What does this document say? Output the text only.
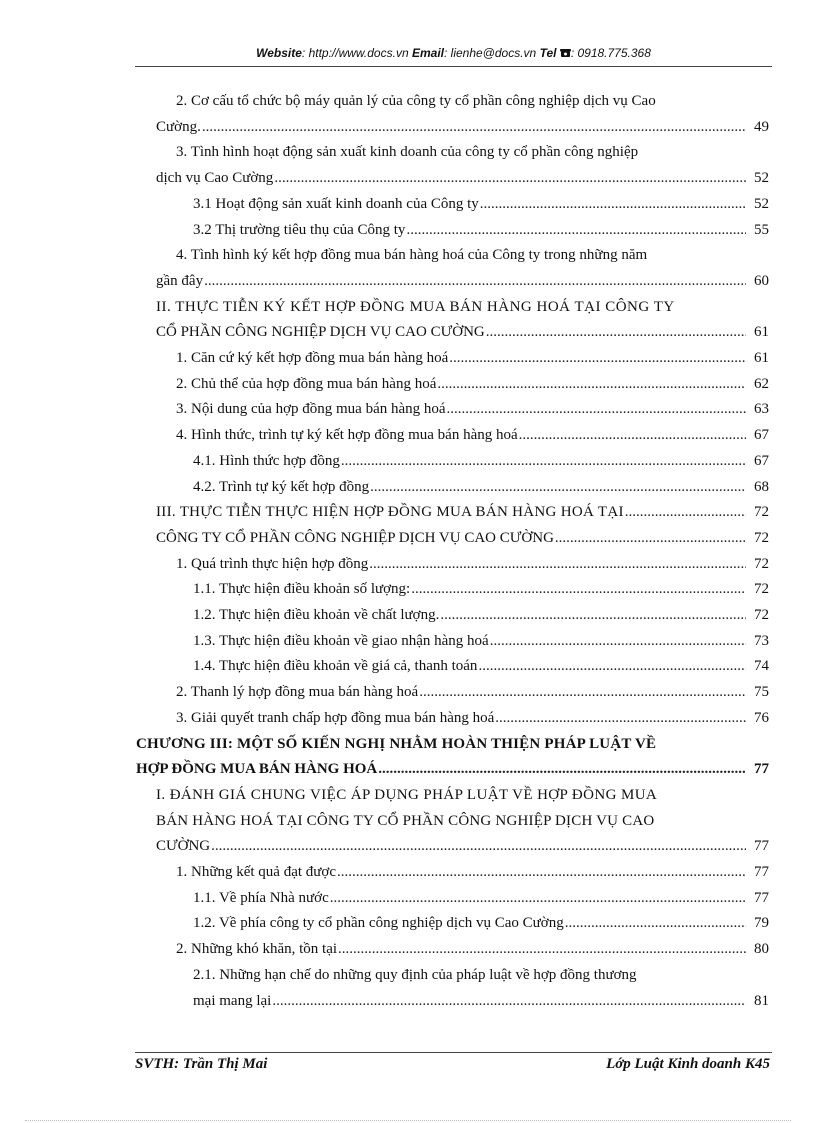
Website: http://www.docs.vn Email: lienhe@docs.vn Tel : 0918.775.368
2. Cơ cấu tổ chức bộ máy quản lý của công ty cổ phần công nghiệp dịch vụ Cao
Cường. .....	49
3. Tình hình hoạt động sản xuất kinh doanh của công ty cổ phần công nghiệp
dịch vụ Cao Cường .....	52
3.1 Hoạt động sản xuất kinh doanh của Công ty .....	52
3.2 Thị trường tiêu thụ của Công ty .....	55
4. Tình hình ký kết hợp đồng mua bán hàng hoá của Công ty trong những năm
gần đây .....	60
II. THỰC TIỄN KÝ KẾT HỢP ĐỒNG MUA BÁN HÀNG HOÁ TẠI CÔNG TY
CỔ PHẦN CÔNG NGHIỆP DỊCH VỤ CAO CƯỜNG .....	61
1. Căn cứ ký kết hợp đồng mua bán hàng hoá .....	61
2. Chủ thể của hợp đồng mua bán hàng hoá .....	62
3. Nội dung của hợp đồng mua bán hàng hoá .....	63
4. Hình thức, trình tự ký kết hợp đồng mua bán hàng hoá .....	67
4.1. Hình thức hợp đồng .....	67
4.2. Trình tự ký kết hợp đồng .....	68
III. THỰC TIỄN THỰC HIỆN HỢP ĐỒNG MUA BÁN HÀNG HOÁ TẠI .....	72
CÔNG TY CỔ PHẦN CÔNG NGHIỆP DỊCH VỤ CAO CƯỜNG .....	72
1. Quá trình thực hiện hợp đồng .....	72
1.1. Thực hiện điều khoản số lượng: .....	72
1.2. Thực hiện điều khoản về chất lượng. .....	72
1.3. Thực hiện điều khoản về giao nhận hàng hoá .....	73
1.4. Thực hiện điều khoản về giá cả, thanh toán .....	74
2. Thanh lý hợp đồng mua bán hàng hoá .....	75
3. Giải quyết tranh chấp hợp đồng mua bán hàng hoá .....	76
CHƯƠNG III: MỘT SỐ KIẾN NGHỊ NHẰM HOÀN THIỆN PHÁP LUẬT VỀ
HỢP ĐỒNG MUA BÁN HÀNG HOÁ .....	77
I. ĐÁNH GIÁ CHUNG VIỆC ÁP DỤNG PHÁP LUẬT VỀ HỢP ĐỒNG MUA
BÁN HÀNG HOÁ TẠI CÔNG TY CỔ PHẦN CÔNG NGHIỆP DỊCH VỤ CAO
CƯỜNG .....	77
1. Những kết quả đạt được .....	77
1.1. Về phía Nhà nước .....	77
1.2. Về phía công ty cổ phần công nghiệp dịch vụ Cao Cường .....	79
2. Những khó khăn, tồn tại .....	80
2.1. Những hạn chế do những quy định của pháp luật về hợp đồng thương
mại mang lại .....	81
SVTH: Trần Thị Mai	Lớp Luật Kinh doanh K45
